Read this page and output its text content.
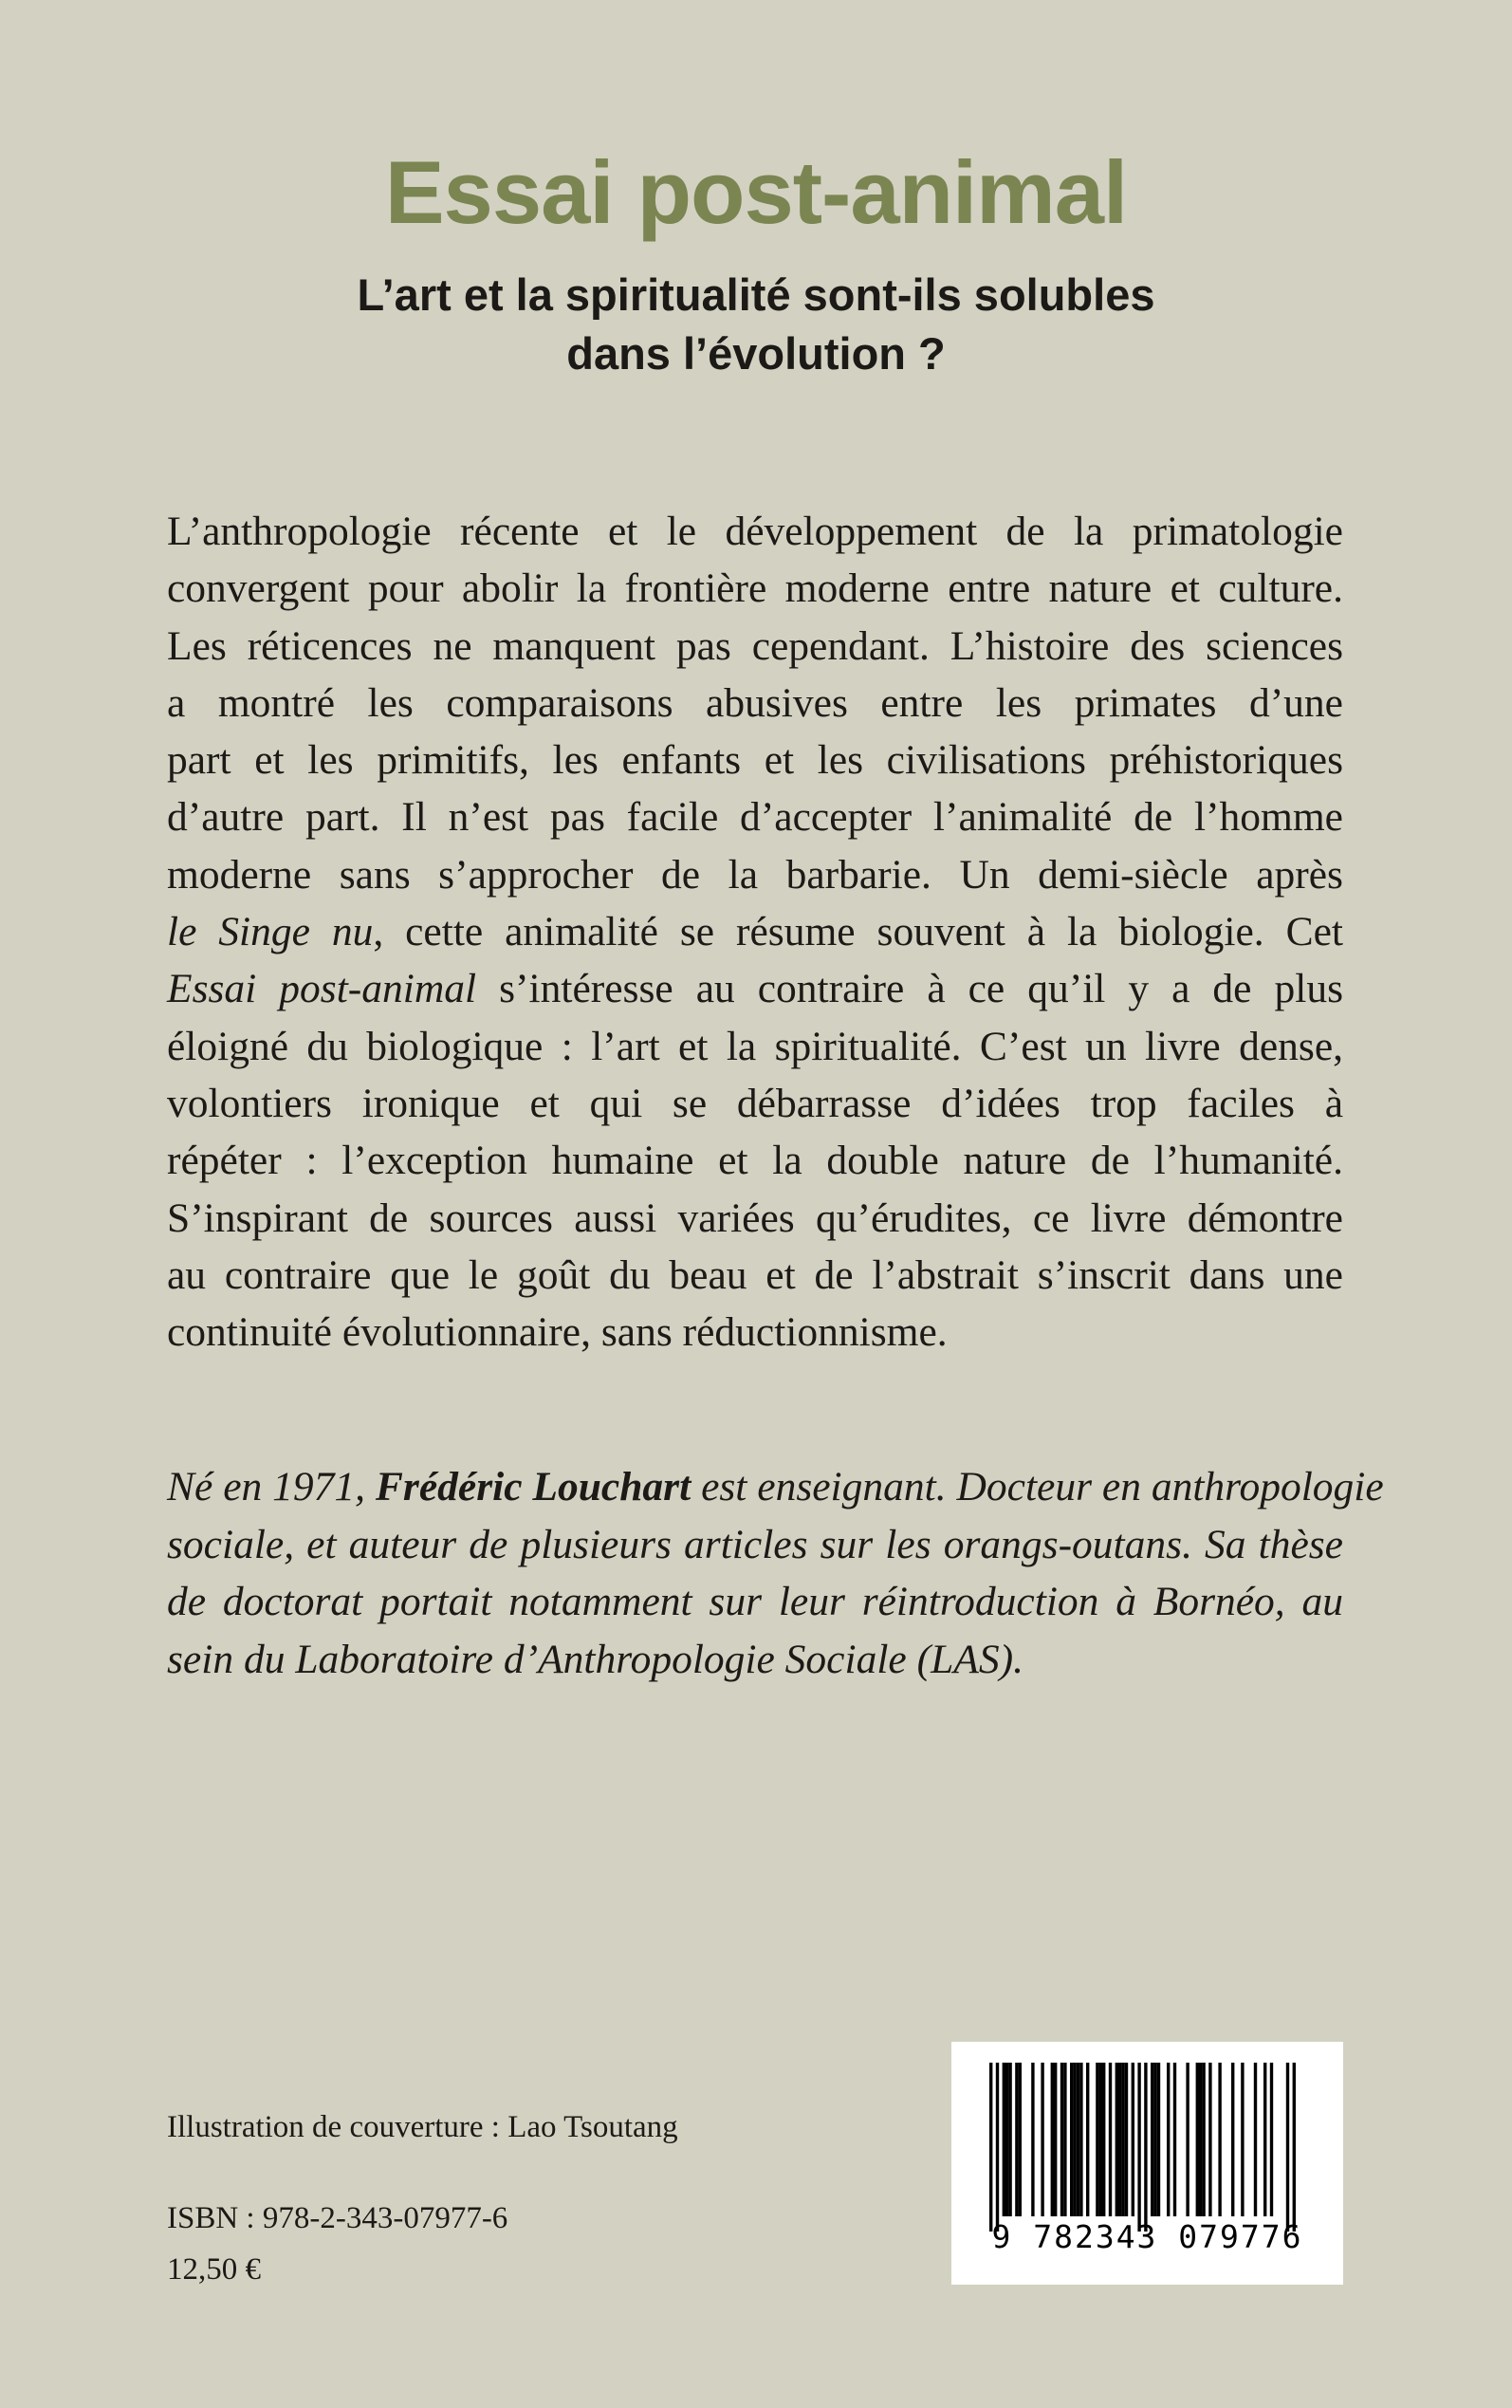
Essai post-animal
L’art et la spiritualité sont-ils solubles
dans l’évolution ?
L’anthropologie récente et le développement de la primatologie
convergent pour abolir la frontière moderne entre nature et culture.
Les réticences ne manquent pas cependant. L’histoire des sciences
a montré les comparaisons abusives entre les primates d’une
part et les primitifs, les enfants et les civilisations préhistoriques
d’autre part. Il n’est pas facile d’accepter l’animalité de l’homme
moderne sans s’approcher de la barbarie. Un demi-siècle après
le Singe nu, cette animalité se résume souvent à la biologie. Cet
Essai post-animal s’intéresse au contraire à ce qu’il y a de plus
éloigné du biologique : l’art et la spiritualité. C’est un livre dense,
volontiers ironique et qui se débarrasse d’idées trop faciles à
répéter : l’exception humaine et la double nature de l’humanité.
S’inspirant de sources aussi variées qu’érudites, ce livre démontre
au contraire que le goût du beau et de l’abstrait s’inscrit dans une
continuité évolutionnaire, sans réductionnisme.
Né en 1971, Frédéric Louchart est enseignant. Docteur en anthropologie
sociale, et auteur de plusieurs articles sur les orangs-outans. Sa thèse
de doctorat portait notamment sur leur réintroduction à Bornéo, au
sein du Laboratoire d’Anthropologie Sociale (LAS).

Illustration de couverture : Lao Tsoutang

ISBN : 978-2-343-07977-6

12,50 €

9 782343 079776
